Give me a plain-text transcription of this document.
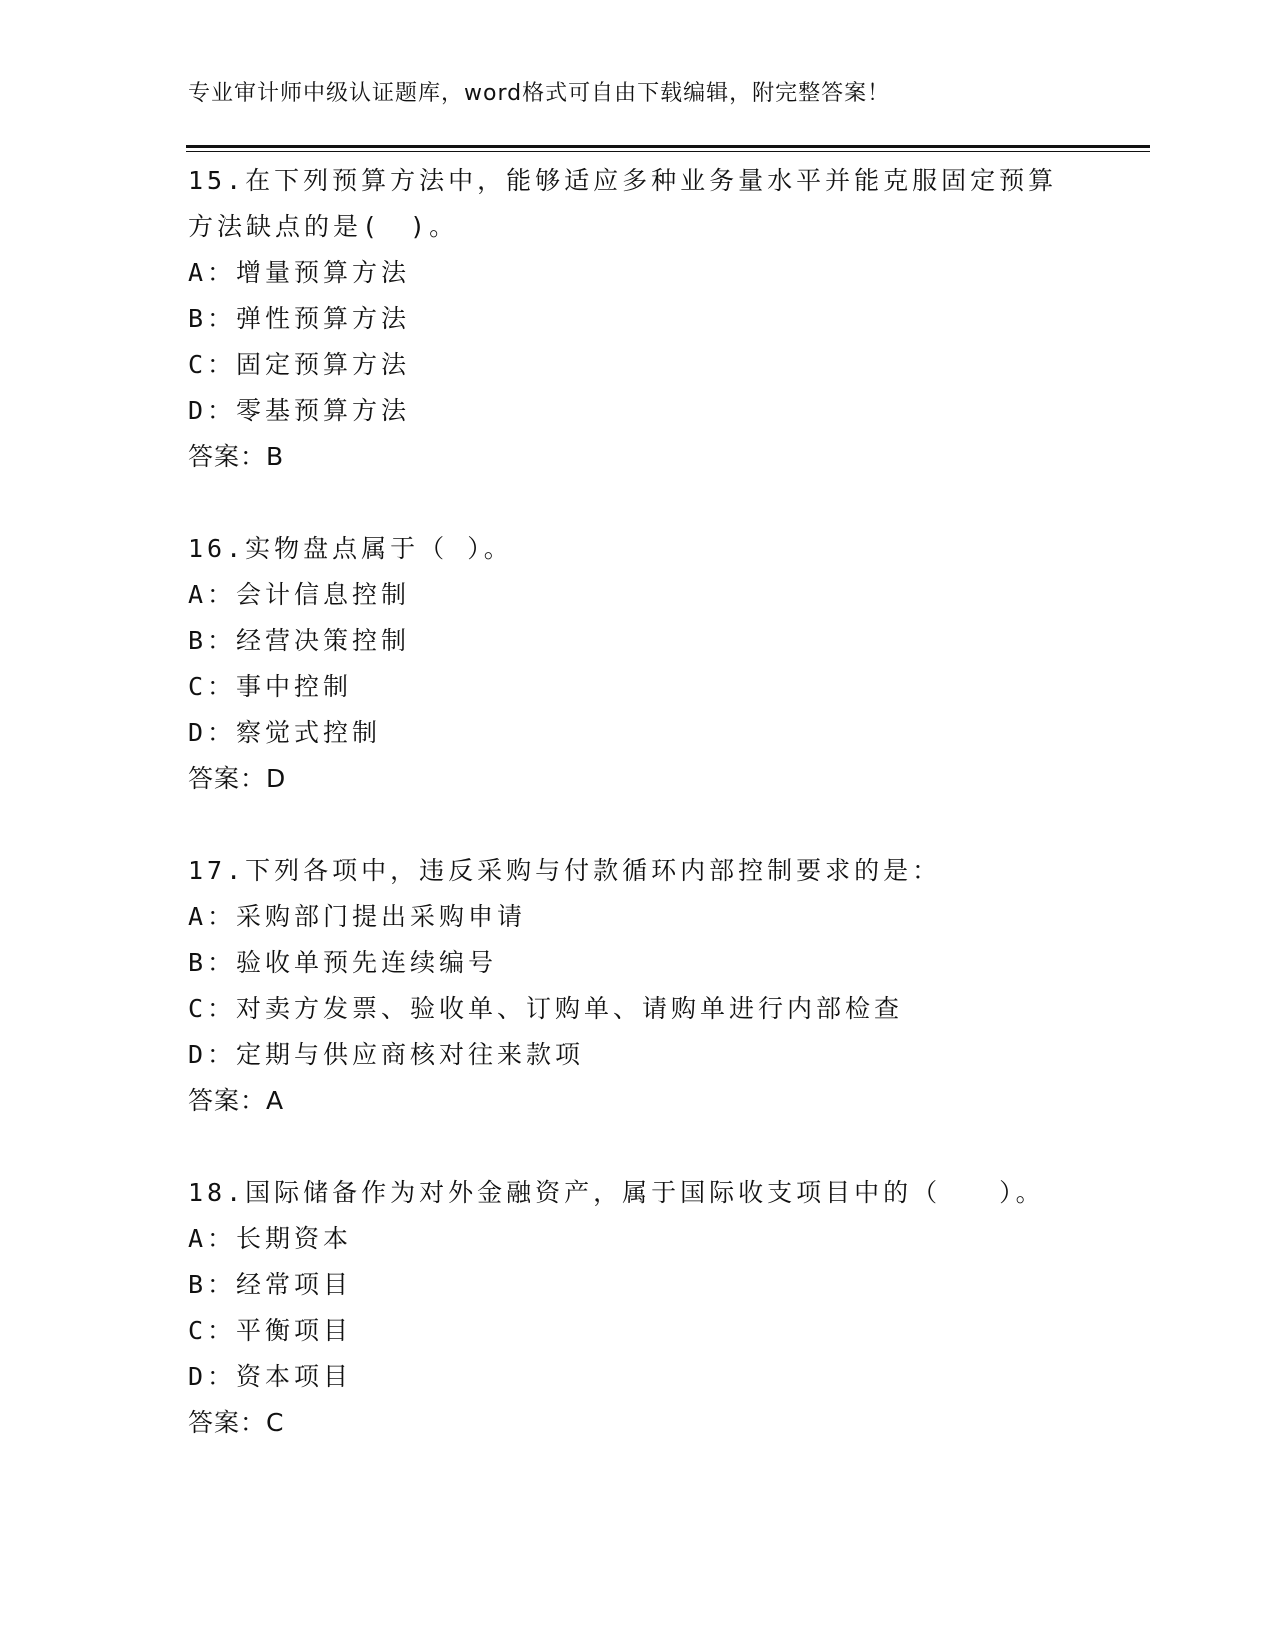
专业审计师中级认证题库，word格式可自由下载编辑，附完整答案！
15.在下列预算方法中，能够适应多种业务量水平并能克服固定预算方法缺点的是(　)。
A：增量预算方法
B：弹性预算方法
C：固定预算方法
D：零基预算方法
答案：B
16.实物盘点属于（ ）。
A：会计信息控制
B：经营决策控制
C：事中控制
D：察觉式控制
答案：D
17.下列各项中，违反采购与付款循环内部控制要求的是：
A：采购部门提出采购申请
B：验收单预先连续编号
C：对卖方发票、验收单、订购单、请购单进行内部检查
D：定期与供应商核对往来款项
答案：A
18.国际储备作为对外金融资产，属于国际收支项目中的（　　）。
A：长期资本
B：经常项目
C：平衡项目
D：资本项目
答案：C
